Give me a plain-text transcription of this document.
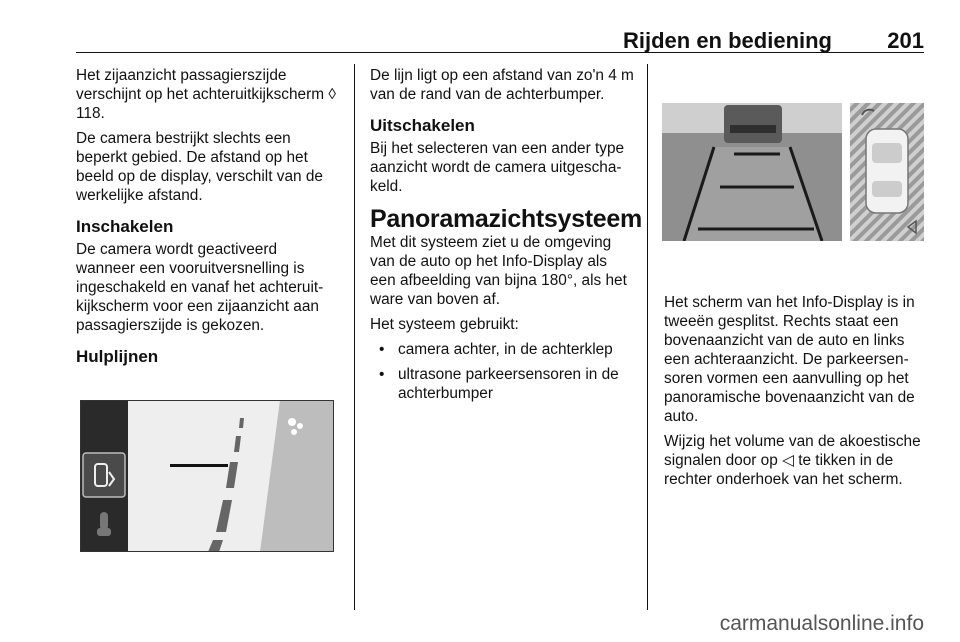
Rijden en bediening	201

Het zijaanzicht passagierszijde verschijnt op het achteruitkijkscherm ◊ 118.

De camera bestrijkt slechts een beperkt gebied. De afstand op het beeld op de display, verschilt van de werkelijke afstand.

Inschakelen

De camera wordt geactiveerd wanneer een vooruitversnelling is ingeschakeld en vanaf het achteruitkijkscherm voor een zijaanzicht aan passagierszijde is gekozen.

Hulplijnen

De lijn ligt op een afstand van zo'n 4 m van de rand van de achterbumper.

Uitschakelen

Bij het selecteren van een ander type aanzicht wordt de camera uitgeschakeld.

Panoramazichtsysteem

Met dit systeem ziet u de omgeving van de auto op het Info-Display als een afbeelding van bijna 180°, als het ware van boven af.

Het systeem gebruikt:

• camera achter, in de achterklep
• ultrasone parkeersensoren in de achterbumper

Het scherm van het Info-Display is in tweeën gesplitst. Rechts staat een bovenaanzicht van de auto en links een achteraanzicht. De parkeersensoren vormen een aanvulling op het panoramische bovenaanzicht van de auto.

Wijzig het volume van de akoestische signalen door op ◁ te tikken in de rechter onderhoek van het scherm.

carmanualsonline.info
